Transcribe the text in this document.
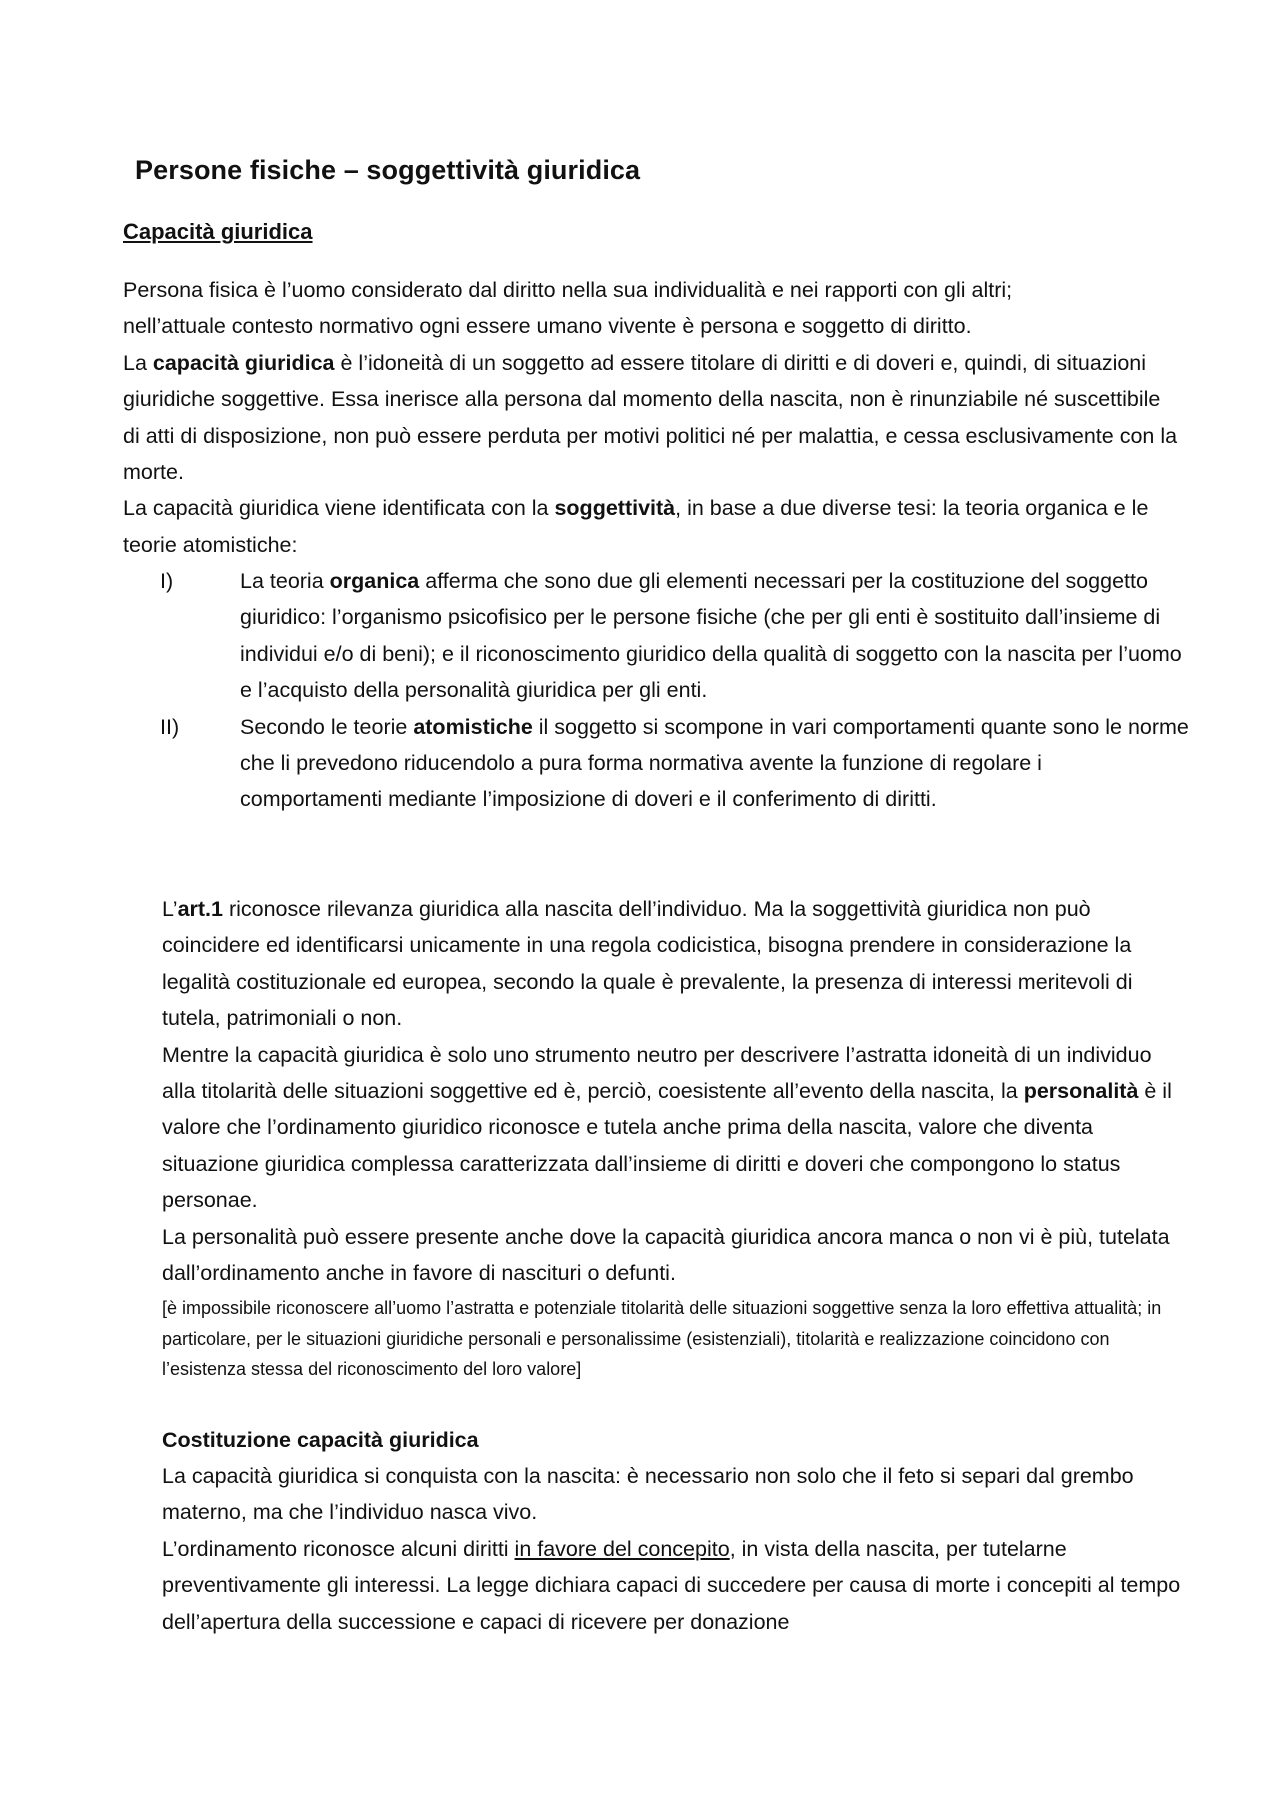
Persone fisiche – soggettività giuridica
Capacità giuridica

Persona fisica è l’uomo considerato dal diritto nella sua individualità e nei rapporti con gli altri;
nell’attuale contesto normativo ogni essere umano vivente è persona e soggetto di diritto.

La capacità giuridica è l’idoneità di un soggetto ad essere titolare di diritti e di doveri e, quindi, di situazioni giuridiche soggettive. Essa inerisce alla persona dal momento della nascita, non è rinunziabile né suscettibile di atti di disposizione, non può essere perduta per motivi politici né per malattia, e cessa esclusivamente con la morte.

La capacità giuridica viene identificata con la soggettività, in base a due diverse tesi: la teoria organica e le teorie atomistiche:

I)	La teoria organica afferma che sono due gli elementi necessari per la costituzione del soggetto giuridico: l’organismo psicofisico per le persone fisiche (che per gli enti è sostituito dall’insieme di individui e/o di beni); e il riconoscimento giuridico della qualità di soggetto con la nascita per l’uomo e l’acquisto della personalità giuridica per gli enti.
II)	Secondo le teorie atomistiche il soggetto si scompone in vari comportamenti quante sono le norme che li prevedono riducendolo a pura forma normativa avente la funzione di regolare i comportamenti mediante l’imposizione di doveri e il conferimento di diritti.

L’art.1 riconosce rilevanza giuridica alla nascita dell’individuo. Ma la soggettività giuridica non può coincidere ed identificarsi unicamente in una regola codicistica, bisogna prendere in considerazione la legalità costituzionale ed europea, secondo la quale è prevalente, la presenza di interessi meritevoli di tutela, patrimoniali o non.

Mentre la capacità giuridica è solo uno strumento neutro per descrivere l’astratta idoneità di un individuo alla titolarità delle situazioni soggettive ed è, perciò, coesistente all’evento della nascita, la personalità è il valore che l’ordinamento giuridico riconosce e tutela anche prima della nascita, valore che diventa situazione giuridica complessa caratterizzata dall’insieme di diritti e doveri che compongono lo status personae.

La personalità può essere presente anche dove la capacità giuridica ancora manca o non vi è più, tutelata dall’ordinamento anche in favore di nascituri o defunti.

[è impossibile riconoscere all’uomo l’astratta e potenziale titolarità delle situazioni soggettive senza la loro effettiva attualità; in particolare, per le situazioni giuridiche personali e personalissime (esistenziali), titolarità e realizzazione coincidono con l’esistenza stessa del riconoscimento del loro valore]

Costituzione capacità giuridica

La capacità giuridica si conquista con la nascita: è necessario non solo che il feto si separi dal grembo materno, ma che l’individuo nasca vivo.

L’ordinamento riconosce alcuni diritti in favore del concepito, in vista della nascita, per tutelarne preventivamente gli interessi. La legge dichiara capaci di succedere per causa di morte i concepiti al tempo dell’apertura della successione e capaci di ricevere per donazione
